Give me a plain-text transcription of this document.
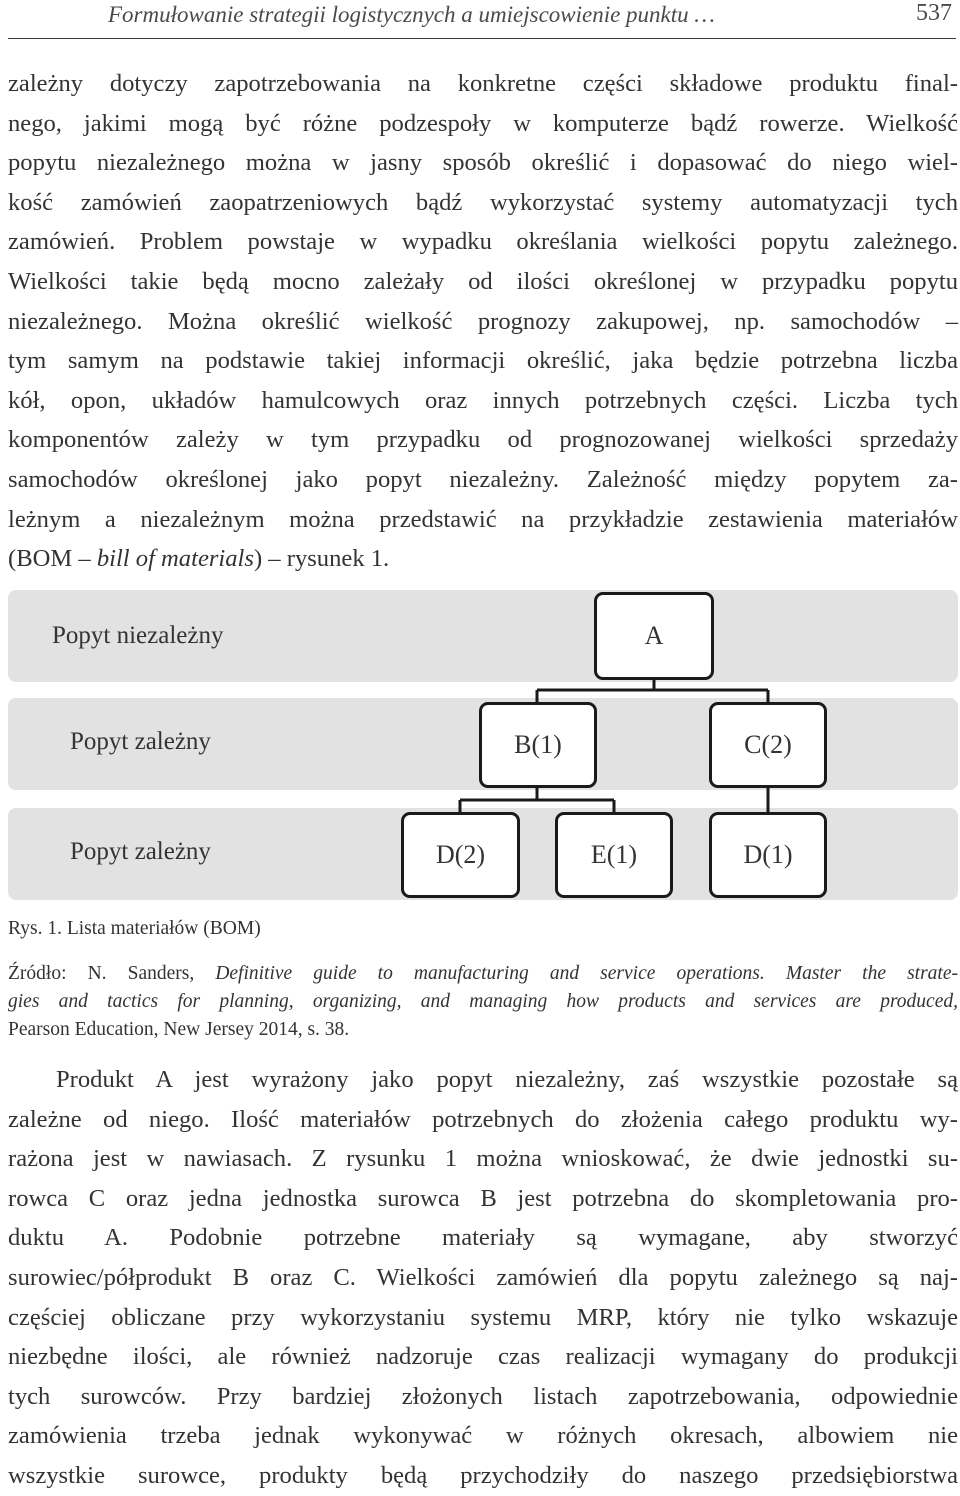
Formułowanie strategii logistycznych a umiejscowienie punktu …	537
zależny dotyczy zapotrzebowania na konkretne części składowe produktu final-
nego, jakimi mogą być różne podzespoły w komputerze bądź rowerze. Wielkość
popytu niezależnego można w jasny sposób określić i dopasować do niego wiel-
kość zamówień zaopatrzeniowych bądź wykorzystać systemy automatyzacji tych
zamówień. Problem powstaje w wypadku określania wielkości popytu zależnego.
Wielkości takie będą mocno zależały od ilości określonej w przypadku popytu
niezależnego. Można określić wielkość prognozy zakupowej, np. samochodów –
tym samym na podstawie takiej informacji określić, jaka będzie potrzebna liczba
kół, opon, układów hamulcowych oraz innych potrzebnych części. Liczba tych
komponentów zależy w tym przypadku od prognozowanej wielkości sprzedaży
samochodów określonej jako popyt niezależny. Zależność między popytem za-
leżnym a niezależnym można przedstawić na przykładzie zestawienia materiałów
(BOM – bill of materials) – rysunek 1.
Popyt niezależny
Popyt zależny
Popyt zależny
A
B(1)	C(2)
D(2)	E(1)	D(1)
Rys. 1. Lista materiałów (BOM)
Źródło: N. Sanders, Definitive guide to manufacturing and service operations. Master the strate-
gies and tactics for planning, organizing, and managing how products and services are produced,
Pearson Education, New Jersey 2014, s. 38.
Produkt A jest wyrażony jako popyt niezależny, zaś wszystkie pozostałe są
zależne od niego. Ilość materiałów potrzebnych do złożenia całego produktu wy-
rażona jest w nawiasach. Z rysunku 1 można wnioskować, że dwie jednostki su-
rowca C oraz jedna jednostka surowca B jest potrzebna do skompletowania pro-
duktu A. Podobnie potrzebne materiały są wymagane, aby stworzyć
surowiec/półprodukt B oraz C. Wielkości zamówień dla popytu zależnego są naj-
częściej obliczane przy wykorzystaniu systemu MRP, który nie tylko wskazuje
niezbędne ilości, ale również nadzoruje czas realizacji wymagany do produkcji
tych surowców. Przy bardziej złożonych listach zapotrzebowania, odpowiednie
zamówienia trzeba jednak wykonywać w różnych okresach, albowiem nie
wszystkie surowce, produkty będą przychodziły do naszego przedsiębiorstwa
